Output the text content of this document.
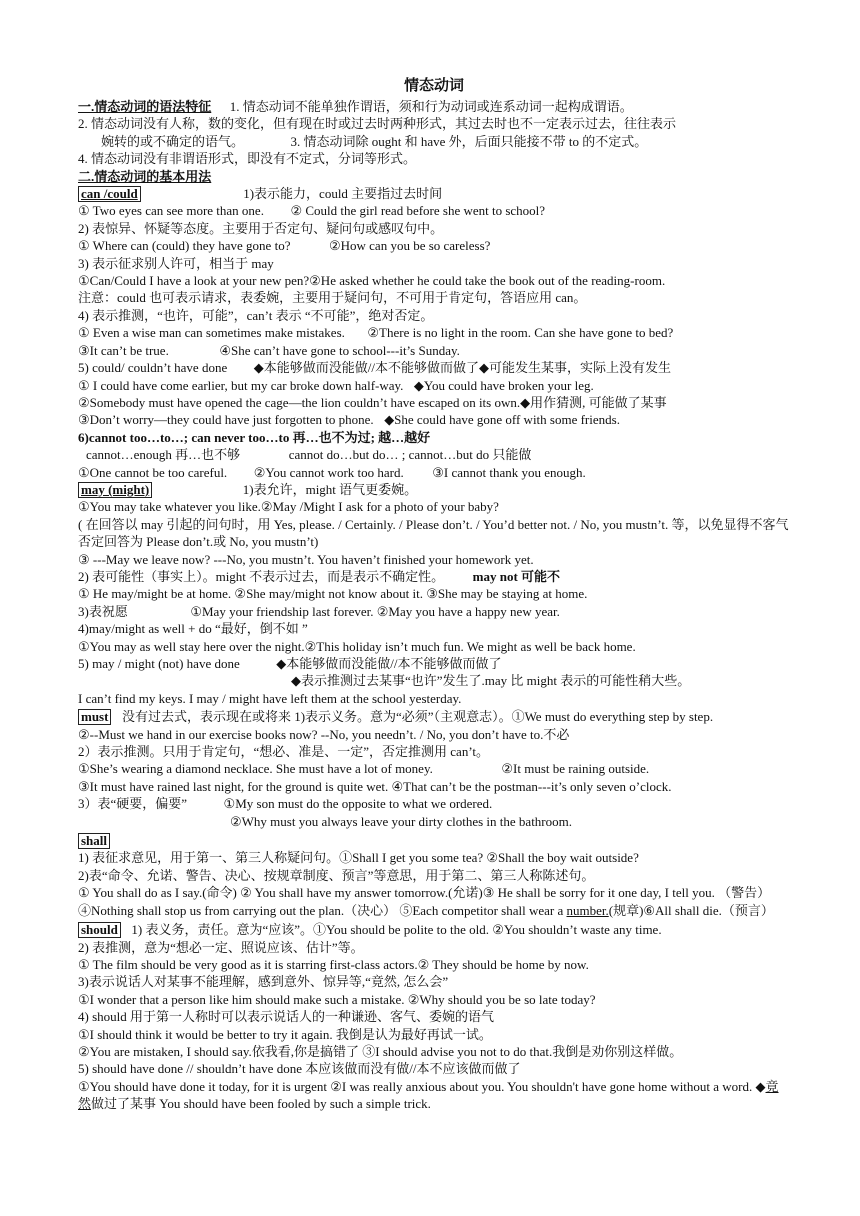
情态动词
一.情态动词的语法特征 1. 情态动词不能单独作谓语，须和行为动词或连系动词一起构成谓语。
2. 情态动词没有人称，数的变化，但有现在时或过去时两种形式，其过去时也不一定表示过去，往往表示
婉转的或不确定的语气。	3. 情态动词除 ought 和 have 外，后面只能接不带 to 的不定式。
4. 情态动词没有非谓语形式，即没有不定式，分词等形式。
二.情态动词的基本用法
can /could	1)表示能力，could 主要指过去时间
① Two eyes can see more than one. ② Could the girl read before she went to school?
2) 表惊异、怀疑等态度。主要用于否定句、疑问句或感叹句中。
① Where can (could) they have gone to?	②How can you be so careless?
3) 表示征求别人许可，相当于 may
①Can/Could I have a look at your new pen?②He asked whether he could take the book out of the reading-room.
注意：could 也可表示请求，表委婉，主要用于疑问句，不可用于肯定句，答语应用 can。
4) 表示推测，“也许，可能”，can’t 表示 “不可能”，绝对否定。
① Even a wise man can sometimes make mistakes. ②There is no light in the room. Can she have gone to bed?
③It can’t be true.	④She can’t have gone to school---it’s Sunday.
5) could/ couldn’t have done ◆本能够做而没能做//本不能够做而做了◆可能发生某事，实际上没有发生
① I could have come earlier, but my car broke down half-way. ◆You could have broken your leg.
②Somebody must have opened the cage—the lion couldn’t have escaped on its own.◆用作猜测, 可能做了某事
③Don’t worry—they could have just forgotten to phone. ◆She could have gone off with some friends.
6)cannot too…to…; can never too…to 再…也不为过; 越…越好
cannot…enough 再…也不够	cannot do…but do… ; cannot…but do 只能做
①One cannot be too careful. ②You cannot work too hard. ③I cannot thank you enough.
may (might)	1)表允许，might 语气更委婉。
①You may take whatever you like.②May /Might I ask for a photo of your baby?
( 在回答以 may 引起的问句时，用 Yes, please. / Certainly. / Please don’t. / You’d better not. / No, you mustn’t. 等，以免显得不客气否定回答为 Please don’t.或 No, you mustn’t)
③ ---May we leave now? ---No, you mustn’t. You haven’t finished your homework yet.
2) 表可能性（事实上）。might 不表示过去，而是表示不确定性。 may not 可能不
① He may/might be at home. ②She may/might not know about it. ③She may be staying at home.
3)表祝愿	①May your friendship last forever. ②May you have a happy new year.
4)may/might as well + do “最好，倒不如 ”
①You may as well stay here over the night.②This holiday isn’t much fun. We might as well be back home.
5) may / might (not) have done	◆本能够做而没能做//本不能够做而做了
◆表示推测过去某事“也许”发生了.may 比 might 表示的可能性稍大些。
I can’t find my keys. I may / might have left them at the school yesterday.
must 没有过去式，表示现在或将来 1)表示义务。意为“必须”（主观意志）。①We must do everything step by step.
②--Must we hand in our exercise books now? --No, you needn’t. / No, you don’t have to.不必
2）表示推测。只用于肯定句，“想必、准是、一定”，否定推测用 can’t。
①She’s wearing a diamond necklace. She must have a lot of money.	②It must be raining outside.
③It must have rained last night, for the ground is quite wet. ④That can’t be the postman---it’s only seven o’clock.
3）表“硬要，偏要”	①My son must do the opposite to what we ordered.
②Why must you always leave your dirty clothes in the bathroom.
shall
1) 表征求意见，用于第一、第三人称疑问句。①Shall I get you some tea? ②Shall the boy wait outside?
2)表“命令、允诺、警告、决心、按规章制度、预言”等意思，用于第二、第三人称陈述句。
① You shall do as I say.(命令) ② You shall have my answer tomorrow.(允诺)③ He shall be sorry for it one day, I tell you. （警告） ④Nothing shall stop us from carrying out the plan.（决心） ⑤Each competitor shall wear a number.(规章)⑥All shall die.（预言）
should 1) 表义务，责任。意为“应该”。①You should be polite to the old. ②You shouldn’t waste any time.
2) 表推测，意为“想必一定、照说应该、估计”等。
① The film should be very good as it is starring first-class actors.② They should be home by now.
3)表示说话人对某事不能理解，感到意外、惊异等,“竟然, 怎么会”
①I wonder that a person like him should make such a mistake. ②Why should you be so late today?
4) should 用于第一人称时可以表示说话人的一种谦逊、客气、委婉的语气
①I should think it would be better to try it again. 我倒是认为最好再试一试。
②You are mistaken, I should say.依我看,你是搞错了 ③I should advise you not to do that.我倒是劝你别这样做。
5) should have done // shouldn’t have done 本应该做而没有做//本不应该做而做了
①You should have done it today, for it is urgent ②I was really anxious about you. You shouldn't have gone home without a word. ◆竟然做过了某事 You should have been fooled by such a simple trick.
